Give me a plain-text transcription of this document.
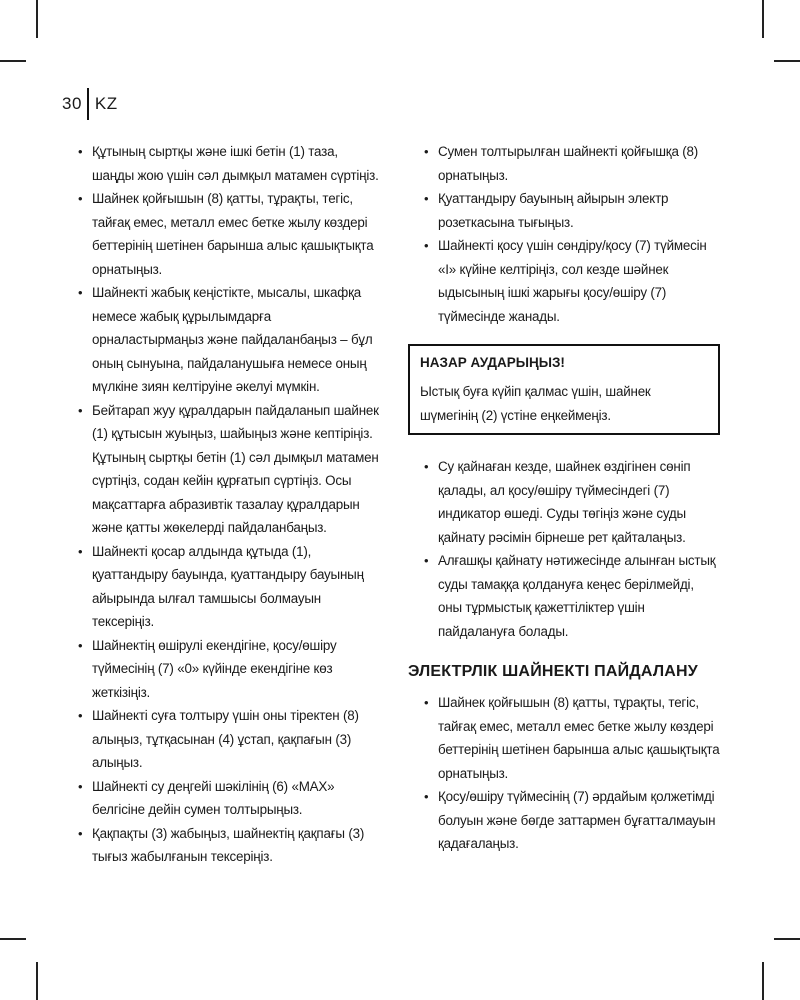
30 KZ
• Құтының сыртқы және ішкі бетін (1) таза, шаңды жою үшін сәл дымқыл матамен сүртіңіз.
• Шайнек қойғышын (8) қатты, тұрақты, тегіс, тайғақ емес, металл емес бетке жылу көздері беттерінің шетінен барынша алыс қашықтықта орнатыңыз.
• Шайнекті жабық кеңістікте, мысалы, шкафқа немесе жабық құрылымдарға орналастырмаңыз және пайдаланбаңыз – бұл оның сынуына, пайдаланушыға немесе оның мүлкіне зиян келтіруіне әкелуі мүмкін.
• Бейтарап жуу құралдарын пайдаланып шайнек (1) құтысын жуыңыз, шайыңыз және кептіріңіз. Құтының сыртқы бетін (1) сәл дымқыл матамен сүртіңіз, содан кейін құрғатып сүртіңіз. Осы мақсаттарға абразивтік тазалау құралдарын және қатты жөкелерді пайдаланбаңыз.
• Шайнекті қосар алдында құтыда (1), қуаттандыру бауында, қуаттандыру бауының айырында ылғал тамшысы болмауын тексеріңіз.
• Шайнектің өшірулі екендігіне, қосу/өшіру түймесінің (7) «0» күйінде екендігіне көз жеткізіңіз.
• Шайнекті суға толтыру үшін оны тіректен (8) алыңыз, тұтқасынан (4) ұстап, қақпағын (3) алыңыз.
• Шайнекті су деңгейі шәкілінің (6) «MAX» белгісіне дейін сумен толтырыңыз.
• Қақпақты (3) жабыңыз, шайнектің қақпағы (3) тығыз жабылғанын тексеріңіз.
• Сумен толтырылған шайнекті қойғышқа (8) орнатыңыз.
• Қуаттандыру бауының айырын электр розеткасына тығыңыз.
• Шайнекті қосу үшін сөндіру/қосу (7) түймесін «I» күйіне келтіріңіз, сол кезде шәйнек ыдысының ішкі жарығы қосу/өшіру (7) түймесінде жанады.
НАЗАР АУДАРЫҢЫЗ!
Ыстық буға күйіп қалмас үшін, шайнек шүмегінің (2) үстіне еңкеймеңіз.
• Су қайнаған кезде, шайнек өздігінен сөніп қалады, ал қосу/өшіру түймесіндегі (7) индикатор өшеді. Суды төгіңіз және суды қайнату рәсімін бірнеше рет қайталаңыз.
• Алғашқы қайнату нәтижесінде алынған ыстық суды тамаққа қолдануға кеңес берілмейді, оны тұрмыстық қажеттіліктер үшін пайдалануға болады.
ЭЛЕКТРЛІК ШАЙНЕКТІ ПАЙДАЛАНУ
• Шайнек қойғышын (8) қатты, тұрақты, тегіс, тайғақ емес, металл емес бетке жылу көздері беттерінің шетінен барынша алыс қашықтықта орнатыңыз.
• Қосу/өшіру түймесінің (7) әрдайым қолжетімді болуын және бөгде заттармен бұғатталмауын қадағалаңыз.
